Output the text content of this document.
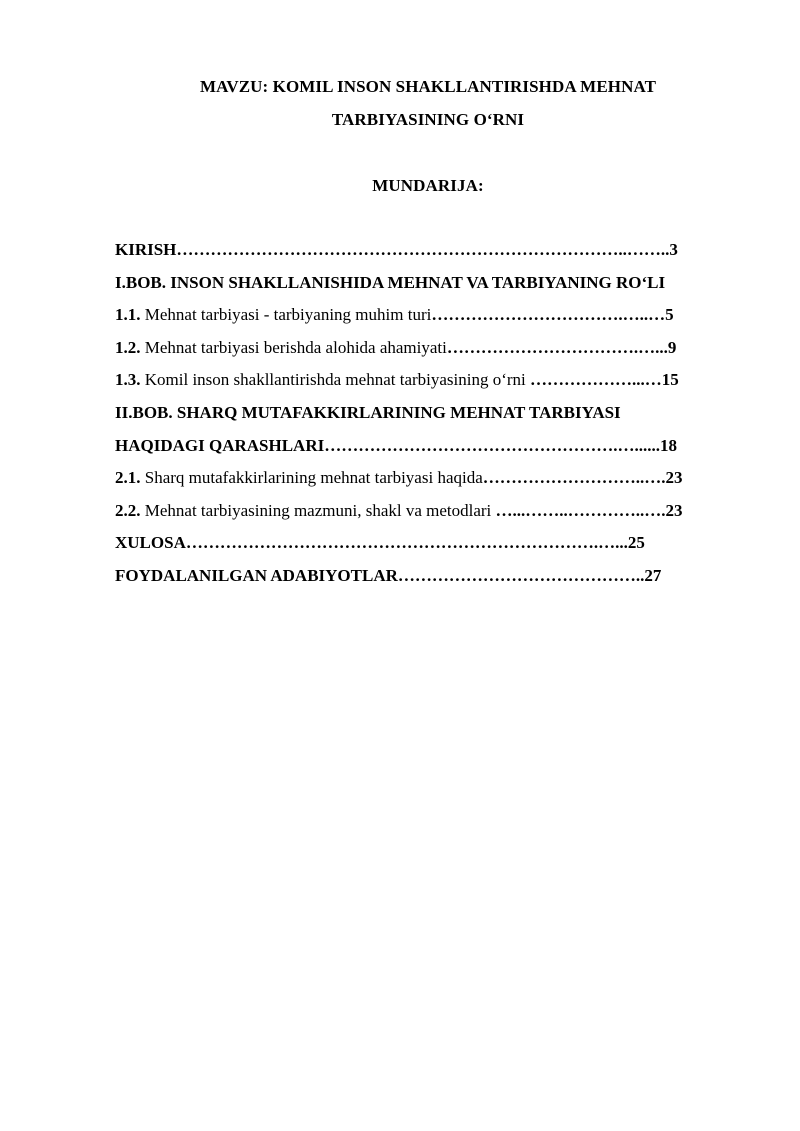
MAVZU: KOMIL INSON SHAKLLANTIRISHDA MEHNAT
TARBIYASINING O‘RNI
MUNDARIJA:
KIRISH……………………………………………………………………..……..3
I.BOB. INSON SHAKLLANISHIDA MEHNAT VA TARBIYANING RO‘LI
1.1. Mehnat tarbiyasi - tarbiyaning muhim turi…………………………….…..…5
1.2. Mehnat tarbiyasi berishda alohida ahamiyati…………………………….…...9
1.3. Komil inson shakllantirishda mehnat tarbiyasining o‘rni ………………...…15
II.BOB. SHARQ MUTAFAKKIRLARINING MEHNAT TARBIYASI
HAQIDAGI QARASHLARI…………………………………………….…......18
2.1. Sharq mutafakkirlarining mehnat tarbiyasi haqida………………………..….23
2.2. Mehnat tarbiyasining mazmuni, shakl va metodlari …...……..…………..….23
XULOSA……………………………………………………………….…...25
FOYDALANILGAN ADABIYOTLAR……………………………………..27
